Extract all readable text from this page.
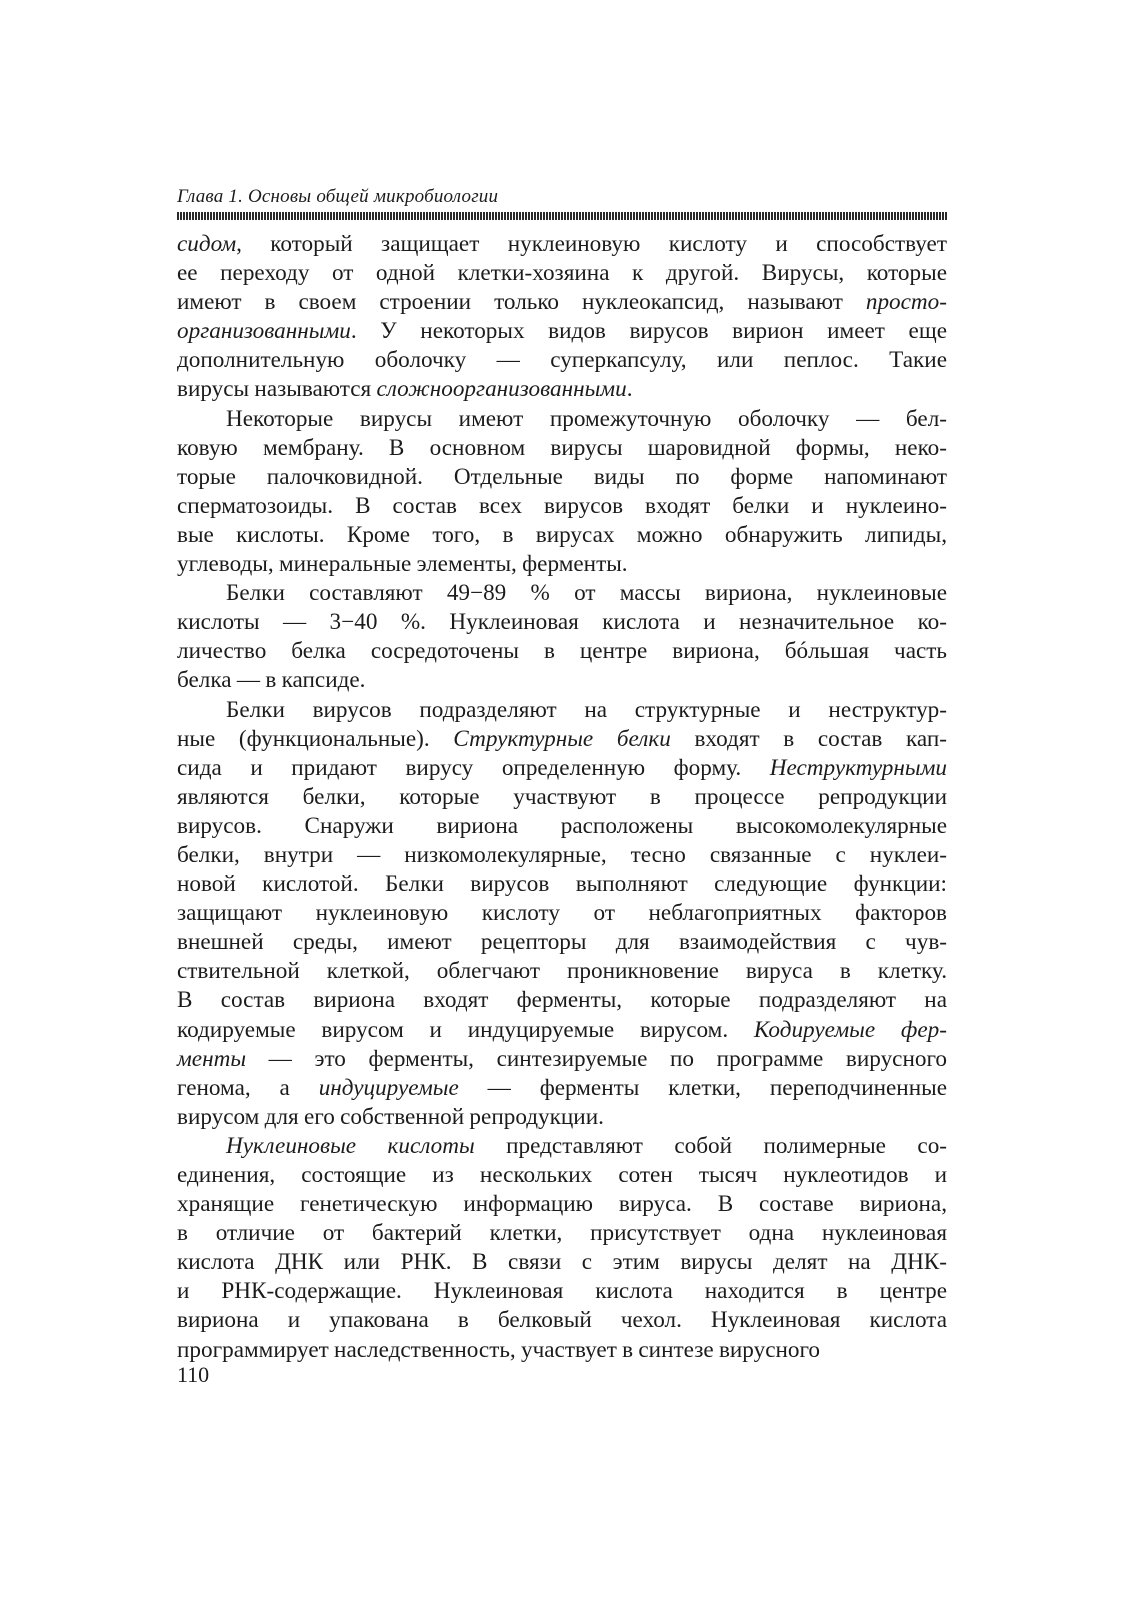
Глава 1. Основы общей микробиологии

сидом, который защищает нуклеиновую кислоту и способствует

ее переходу от одной клетки-хозяина к другой. Вирусы, которые

имеют в своем строении только нуклеокапсид, называют просто-

организованными. У некоторых видов вирусов вирион имеет еще

дополнительную оболочку — суперкапсулу, или пеплос. Такие

вирусы называются сложноорганизованными.

Некоторые вирусы имеют промежуточную оболочку — бел-

ковую мембрану. В основном вирусы шаровидной формы, неко-

торые палочковидной. Отдельные виды по форме напоминают

сперматозоиды. В состав всех вирусов входят белки и нуклеино-

вые кислоты. Кроме того, в вирусах можно обнаружить липиды,

углеводы, минеральные элементы, ферменты.

Белки составляют 49−89 % от массы вириона, нуклеиновые

кислоты — 3−40 %. Нуклеиновая кислота и незначительное ко-

личество белка сосредоточены в центре вириона, бóльшая часть

белка — в капсиде.

Белки вирусов подразделяют на структурные и неструктур-

ные (функциональные). Структурные белки входят в состав кап-

сида и придают вирусу определенную форму. Неструктурными

являются белки, которые участвуют в процессе репродукции

вирусов. Снаружи вириона расположены высокомолекулярные

белки, внутри — низкомолекулярные, тесно связанные с нуклеи-

новой кислотой. Белки вирусов выполняют следующие функции:

защищают нуклеиновую кислоту от неблагоприятных факторов

внешней среды, имеют рецепторы для взаимодействия с чув-

ствительной клеткой, облегчают проникновение вируса в клетку.

В состав вириона входят ферменты, которые подразделяют на

кодируемые вирусом и индуцируемые вирусом. Кодируемые фер-

менты — это ферменты, синтезируемые по программе вирусного

генома, а индуцируемые — ферменты клетки, переподчиненные

вирусом для его собственной репродукции.

Нуклеиновые кислоты представляют собой полимерные со-

единения, состоящие из нескольких сотен тысяч нуклеотидов и

хранящие генетическую информацию вируса. В составе вириона,

в отличие от бактерий клетки, присутствует одна нуклеиновая

кислота ДНК или РНК. В связи с этим вирусы делят на ДНК-

и РНК-содержащие. Нуклеиновая кислота находится в центре

вириона и упакована в белковый чехол. Нуклеиновая кислота

программирует наследственность, участвует в синтезе вирусного

110
